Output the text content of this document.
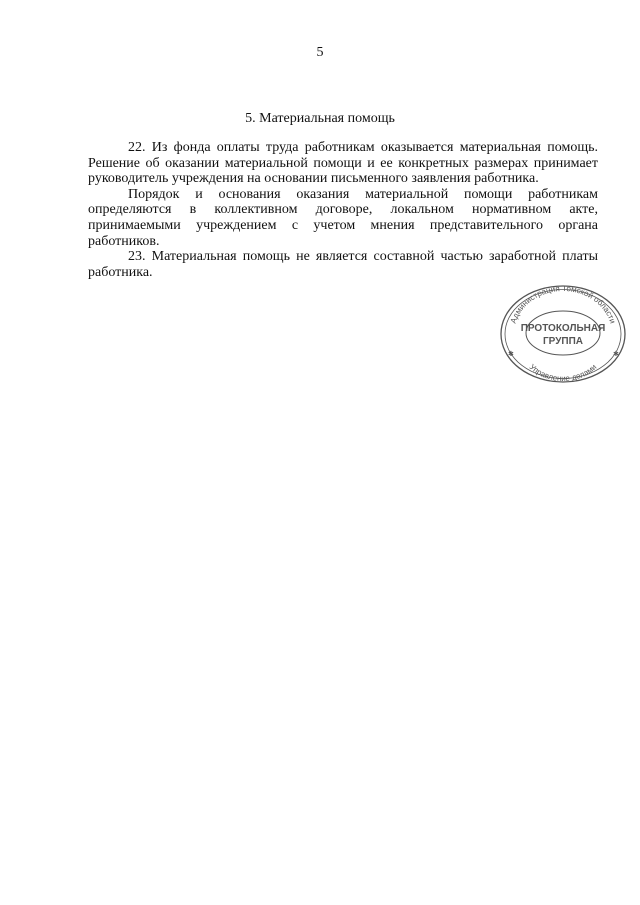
5
5. Материальная помощь

22. Из фонда оплаты труда работникам оказывается материальная помощь. Решение об оказании материальной помощи и ее конкретных размерах принимает руководитель учреждения на основании письменного заявления работника.

Порядок и основания оказания материальной помощи работникам определяются в коллективном договоре, локальном нормативном акте, принимаемыми учреждением с учетом мнения представительного органа работников.

23. Материальная помощь не является составной частью заработной платы работника.

Администрация Томской области
Управление делами
ПРОТОКОЛЬНАЯ
ГРУППА
✱	✱
